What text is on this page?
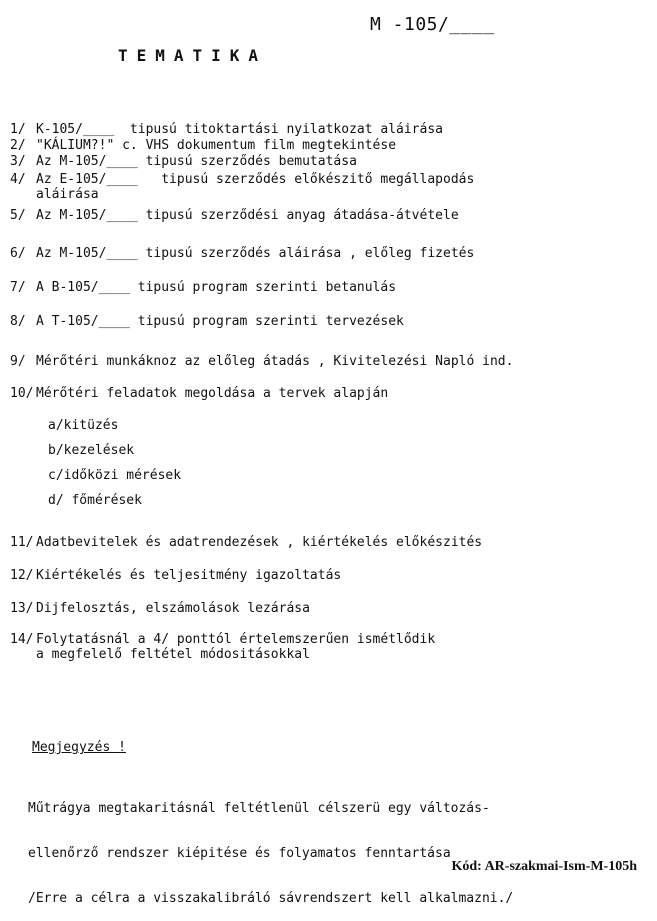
M -105/____
TEMATIKA
1/ K-105/____  tipusú titoktartási nyilatkozat aláirása
2/ "KÁLIUM?!" c. VHS dokumentum film megtekintése
3/ Az M-105/____ tipusú szerződés bemutatása
4/ Az E-105/____   tipusú szerződés előkészitő megállapodás
aláirása
5/ Az M-105/____ tipusú szerződési anyag átadása-átvétele
6/ Az M-105/____ tipusú szerződés aláirása , előleg fizetés
7/ A B-105/____ tipusú program szerinti betanulás
8/ A T-105/____ tipusú program szerinti tervezések
9/ Mérőtéri munkáknoz az előleg átadás , Kivitelezési Napló ind.
10/ Mérőtéri feladatok megoldása a tervek alapján
11/ Adatbevitelek és adatrendezések , kiértékelés előkészités
12/ Kiértékelés és teljesitmény igazoltatás
13/ Dijfelosztás, elszámolások lezárása
14/ Folytatásnál a 4/ ponttól értelemszerűen ismétlődik
a megfelelő feltétel módositásokkal
a/kitüzés
b/kezelések
c/időközi mérések
d/ főmérések
Megjegyzés !

Műtrágya megtakaritásnál feltétlenül célszerü egy változás-

ellenőrző rendszer kiépitése és folyamatos fenntartása

/Erre a célra a visszakalibráló sávrendszert kell alkalmazni./

Kód: AR-szakmai-Ism-M-105h
